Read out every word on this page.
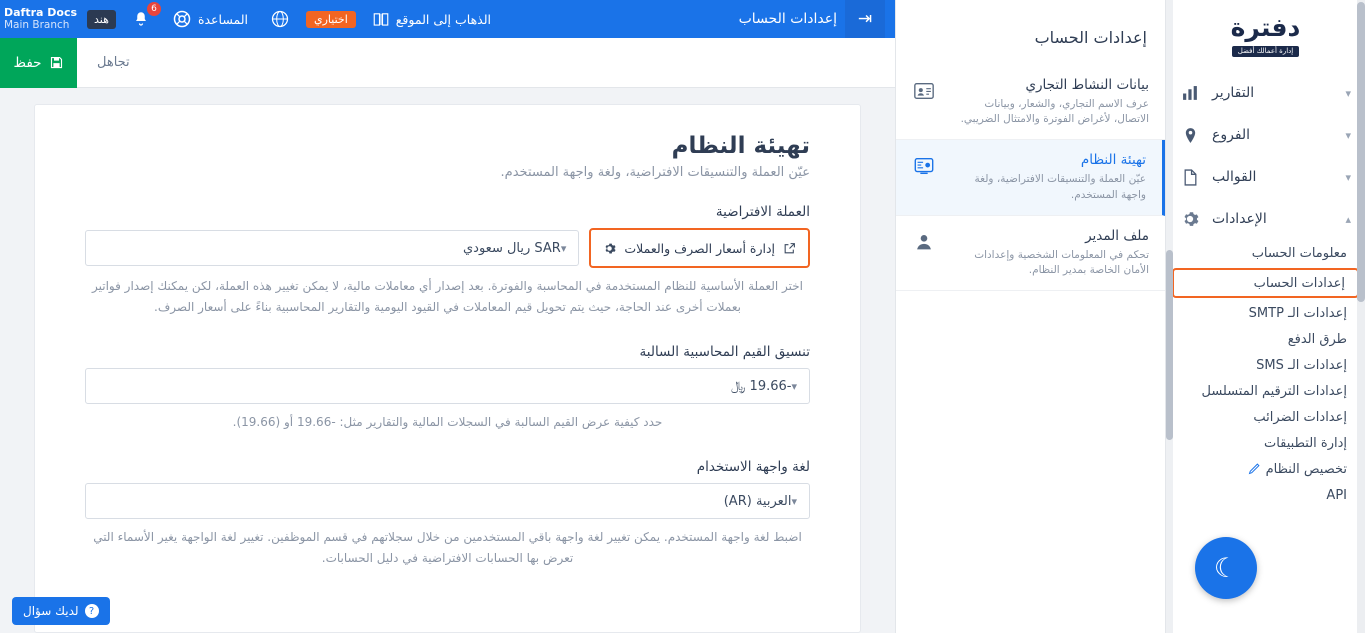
دفترة
إدارة أعمالك أفضل
▾
التقارير
▾
الفروع
▾
القوالب
▴
الإعدادات
معلومات الحساب
إعدادات الحساب
إعدادات الـ SMTP
طرق الدفع
إعدادات الـ SMS
إعدادات الترقيم المتسلسل
إعدادات الضرائب
إدارة التطبيقات
تخصيص النظام
API
إعدادات الحساب
بيانات النشاط التجاري
عرف الاسم التجاري، والشعار، وبيانات الاتصال، لأغراض الفوترة والامتثال الضريبي.
تهيئة النظام
عيّن العملة والتنسيقات الافتراضية، ولغة واجهة المستخدم.
ملف المدير
تحكم في المعلومات الشخصية وإعدادات الأمان الخاصة بمدير النظام.
⇥
إعدادات الحساب
الذهاب إلى الموقع
اختياري
المساعدة
6
هند
Daftra Docs
Main Branch
تجاهل
حفظ
تهيئة النظام

عيّن العملة والتنسيقات الافتراضية، ولغة واجهة المستخدم.

العملة الافتراضية
إدارة أسعار الصرف والعملات
▾
SAR ريال سعودي
اختر العملة الأساسية للنظام المستخدمة في المحاسبة والفوترة. بعد إصدار أي معاملات مالية، لا يمكن تغيير هذه العملة، لكن يمكنك إصدار فواتير بعملات أخرى عند الحاجة، حيث يتم تحويل قيم المعاملات في القيود اليومية والتقارير المحاسبية بناءً على أسعار الصرف.
تنسيق القيم المحاسبية السالبة
▾
-19.66 ﷼
حدد كيفية عرض القيم السالبة في السجلات المالية والتقارير مثل: -19.66 أو (19.66).
لغة واجهة الاستخدام
▾
العربية (AR)
اضبط لغة واجهة المستخدم. يمكن تغيير لغة واجهة باقي المستخدمين من خلال سجلاتهم في قسم الموظفين. تغيير لغة الواجهة يغير الأسماء التي تعرض بها الحسابات الافتراضية في دليل الحسابات.
?
لديك سؤال
☾
